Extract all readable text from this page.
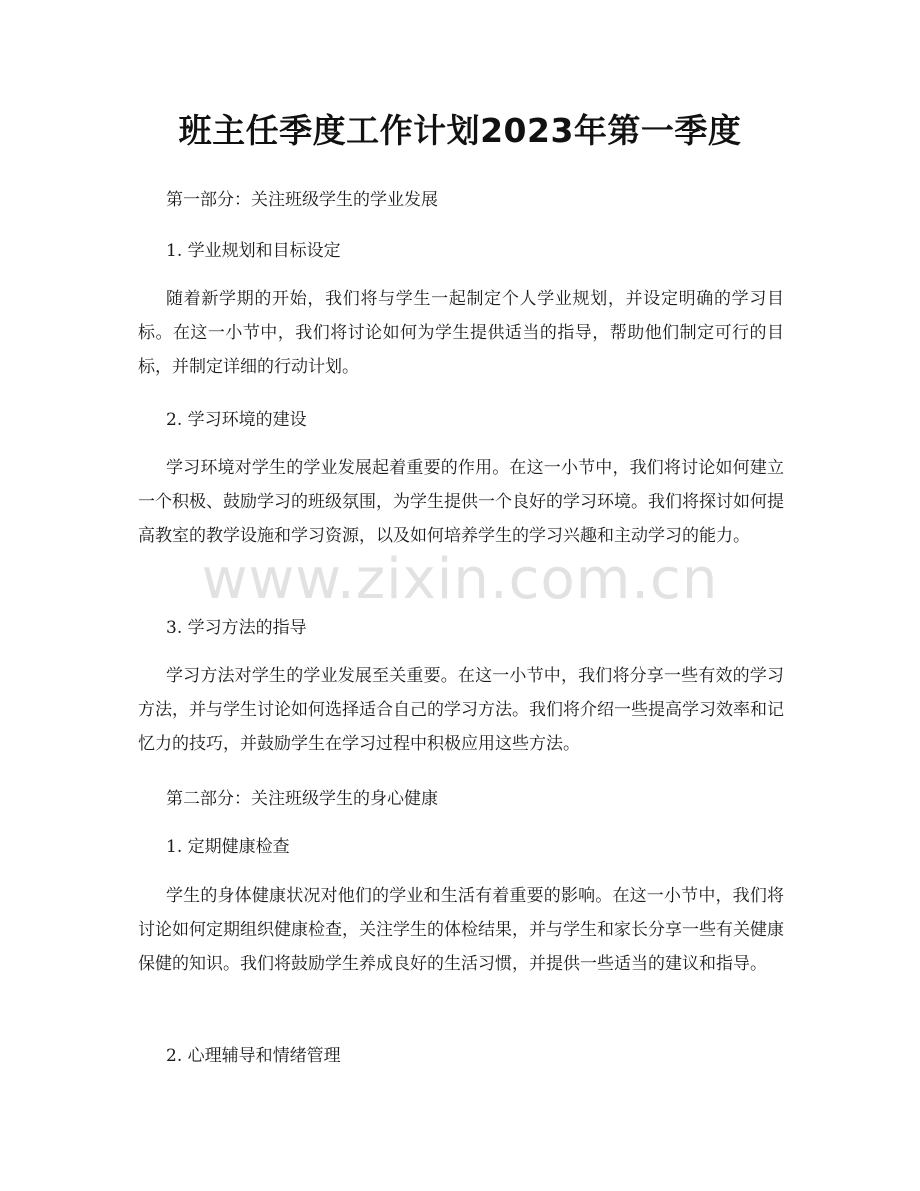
班主任季度工作计划2023年第一季度
第一部分：关注班级学生的学业发展
1. 学业规划和目标设定
随着新学期的开始，我们将与学生一起制定个人学业规划，并设定明确的学习目标。在这一小节中，我们将讨论如何为学生提供适当的指导，帮助他们制定可行的目标，并制定详细的行动计划。
2. 学习环境的建设
学习环境对学生的学业发展起着重要的作用。在这一小节中，我们将讨论如何建立一个积极、鼓励学习的班级氛围，为学生提供一个良好的学习环境。我们将探讨如何提高教室的教学设施和学习资源，以及如何培养学生的学习兴趣和主动学习的能力。
3. 学习方法的指导
学习方法对学生的学业发展至关重要。在这一小节中，我们将分享一些有效的学习方法，并与学生讨论如何选择适合自己的学习方法。我们将介绍一些提高学习效率和记忆力的技巧，并鼓励学生在学习过程中积极应用这些方法。
第二部分：关注班级学生的身心健康
1. 定期健康检查
学生的身体健康状况对他们的学业和生活有着重要的影响。在这一小节中，我们将讨论如何定期组织健康检查，关注学生的体检结果，并与学生和家长分享一些有关健康保健的知识。我们将鼓励学生养成良好的生活习惯，并提供一些适当的建议和指导。
2. 心理辅导和情绪管理
www.zixin.com.cn
